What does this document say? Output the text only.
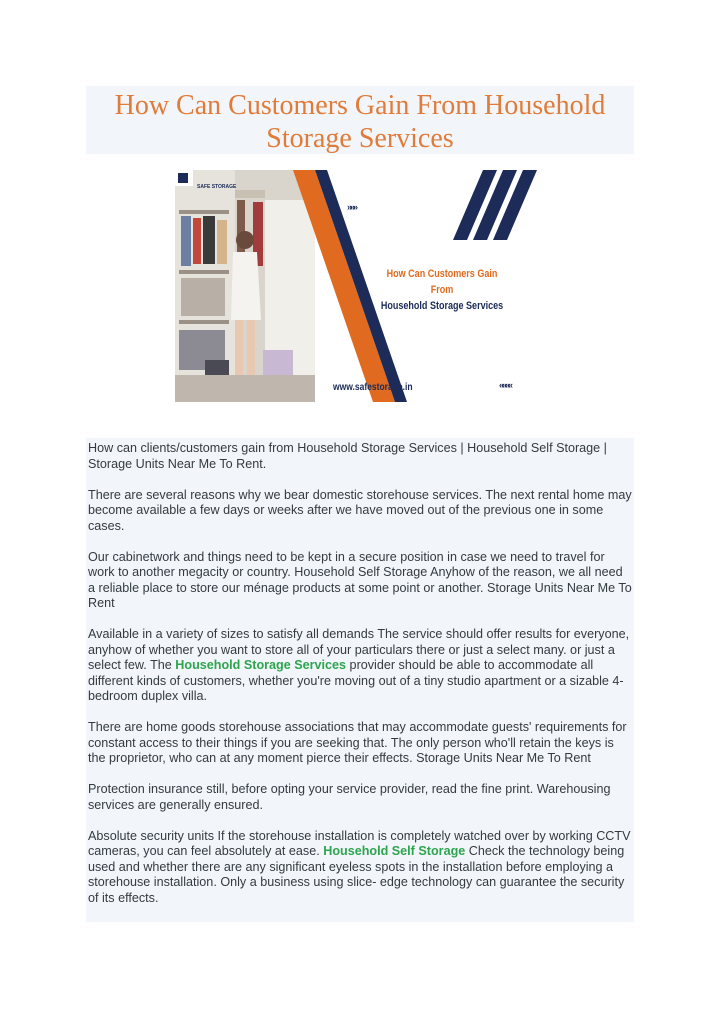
How Can Customers Gain From Household Storage Services
SAFE STORAGE
»»»
How Can Customers Gain From
Household Storage Services
www.safestorage.in	««««

How can clients/customers gain from Household Storage Services | Household Self Storage | Storage Units Near Me To Rent.

There are several reasons why we bear domestic storehouse services. The next rental home may become available a few days or weeks after we have moved out of the previous one in some cases.

Our cabinetwork and things need to be kept in a secure position in case we need to travel for work to another megacity or country. Household Self Storage Anyhow of the reason, we all need a reliable place to store our ménage products at some point or another. Storage Units Near Me To Rent

Available in a variety of sizes to satisfy all demands The service should offer results for everyone, anyhow of whether you want to store all of your particulars there or just a select many. or just a select few. The Household Storage Services provider should be able to accommodate all different kinds of customers, whether you're moving out of a tiny studio apartment or a sizable 4-bedroom duplex villa.

There are home goods storehouse associations that may accommodate guests' requirements for constant access to their things if you are seeking that. The only person who'll retain the keys is the proprietor, who can at any moment pierce their effects. Storage Units Near Me To Rent

Protection insurance still, before opting your service provider, read the fine print. Warehousing services are generally ensured.

Absolute security units If the storehouse installation is completely watched over by working CCTV cameras, you can feel absolutely at ease. Household Self Storage Check the technology being used and whether there are any significant eyeless spots in the installation before employing a storehouse installation. Only a business using slice- edge technology can guarantee the security of its effects.
